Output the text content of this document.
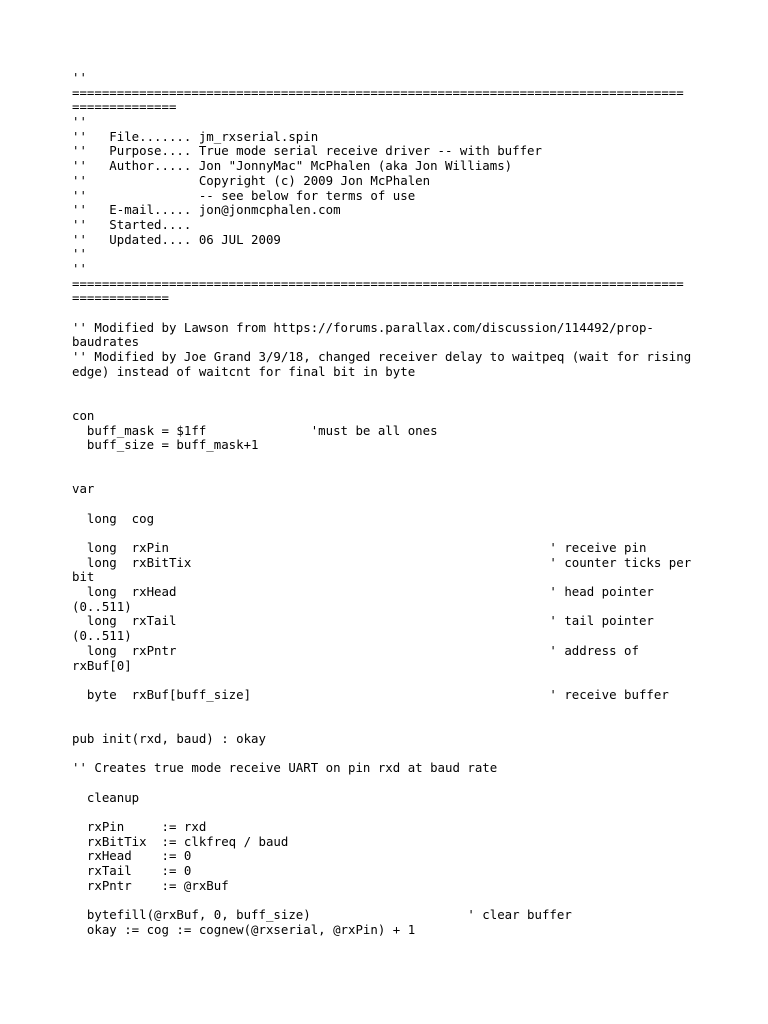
''
==================================================================================
==============
''
''   File....... jm_rxserial.spin
''   Purpose.... True mode serial receive driver -- with buffer
''   Author..... Jon "JonnyMac" McPhalen (aka Jon Williams)
''               Copyright (c) 2009 Jon McPhalen
''               -- see below for terms of use
''   E-mail..... jon@jonmcphalen.com
''   Started....
''   Updated.... 06 JUL 2009
''
''
==================================================================================
=============
'' Modified by Lawson from https://forums.parallax.com/discussion/114492/prop-
baudrates
'' Modified by Joe Grand 3/9/18, changed receiver delay to waitpeq (wait for rising
edge) instead of waitcnt for final bit in byte
con
buff_mask = $1ff              'must be all ones
buff_size = buff_mask+1
var
long  cog
long  rxPin                                                   ' receive pin
long  rxBitTix                                                ' counter ticks per
bit
long  rxHead                                                  ' head pointer
(0..511)
long  rxTail                                                  ' tail pointer
(0..511)
long  rxPntr                                                  ' address of
rxBuf[0]
byte  rxBuf[buff_size]                                        ' receive buffer
pub init(rxd, baud) : okay
'' Creates true mode receive UART on pin rxd at baud rate
cleanup
rxPin     := rxd
rxBitTix  := clkfreq / baud
rxHead    := 0
rxTail    := 0
rxPntr    := @rxBuf
bytefill(@rxBuf, 0, buff_size)                     ' clear buffer
okay := cog := cognew(@rxserial, @rxPin) + 1
